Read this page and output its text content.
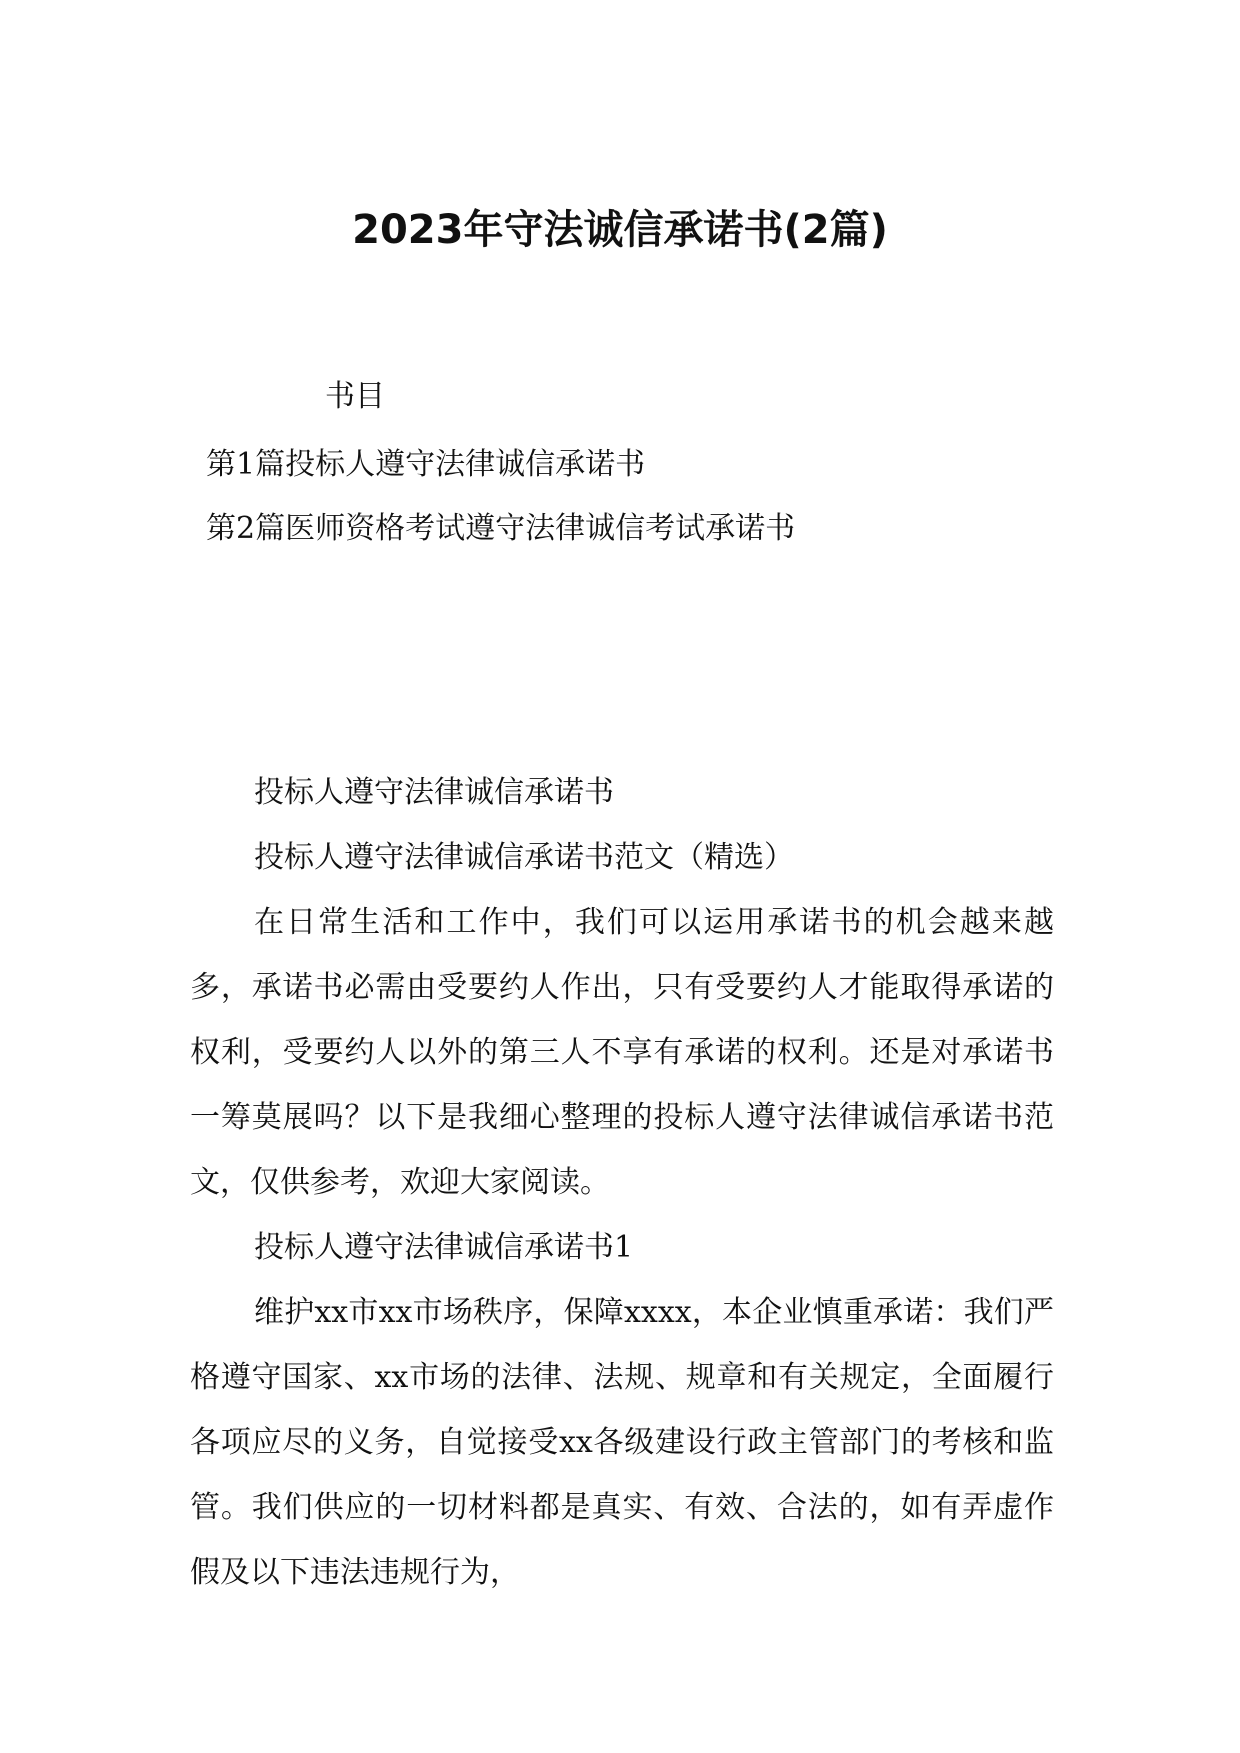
2023年守法诚信承诺书(2篇)
书目
第1篇投标人遵守法律诚信承诺书
第2篇医师资格考试遵守法律诚信考试承诺书

投标人遵守法律诚信承诺书

投标人遵守法律诚信承诺书范文（精选）

在日常生活和工作中，我们可以运用承诺书的机会越来越多，承诺书必需由受要约人作出，只有受要约人才能取得承诺的权利，受要约人以外的第三人不享有承诺的权利。还是对承诺书一筹莫展吗？以下是我细心整理的投标人遵守法律诚信承诺书范文，仅供参考，欢迎大家阅读。

投标人遵守法律诚信承诺书1

维护xx市xx市场秩序，保障xxxx，本企业慎重承诺：我们严格遵守国家、xx市场的法律、法规、规章和有关规定，全面履行各项应尽的义务，自觉接受xx各级建设行政主管部门的考核和监管。我们供应的一切材料都是真实、有效、合法的，如有弄虚作假及以下违法违规行为，
